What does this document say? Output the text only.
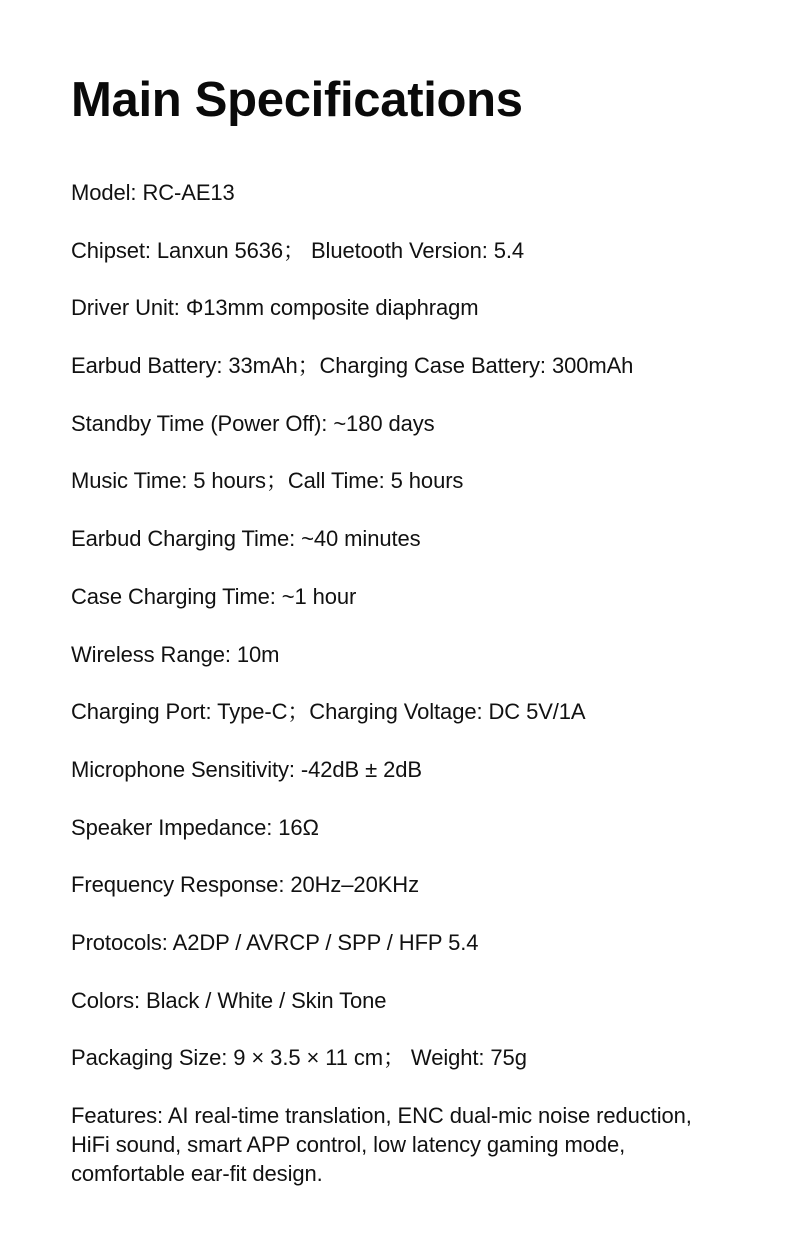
Main Specifications
Model: RC-AE13
Chipset: Lanxun 5636； Bluetooth Version: 5.4
Driver Unit: Φ13mm composite diaphragm
Earbud Battery: 33mAh；Charging Case Battery: 300mAh
Standby Time (Power Off): ~180 days
Music Time: 5 hours；Call Time: 5 hours
Earbud Charging Time: ~40 minutes
Case Charging Time: ~1 hour
Wireless Range: 10m
Charging Port: Type-C；Charging Voltage: DC 5V/1A
Microphone Sensitivity: -42dB ± 2dB
Speaker Impedance: 16Ω
Frequency Response: 20Hz–20KHz
Protocols: A2DP / AVRCP / SPP / HFP 5.4
Colors: Black / White / Skin Tone
Packaging Size: 9 × 3.5 × 11 cm； Weight: 75g

Features: AI real-time translation, ENC dual-mic noise reduction,
HiFi sound, smart APP control, low latency gaming mode,
comfortable ear-fit design.
